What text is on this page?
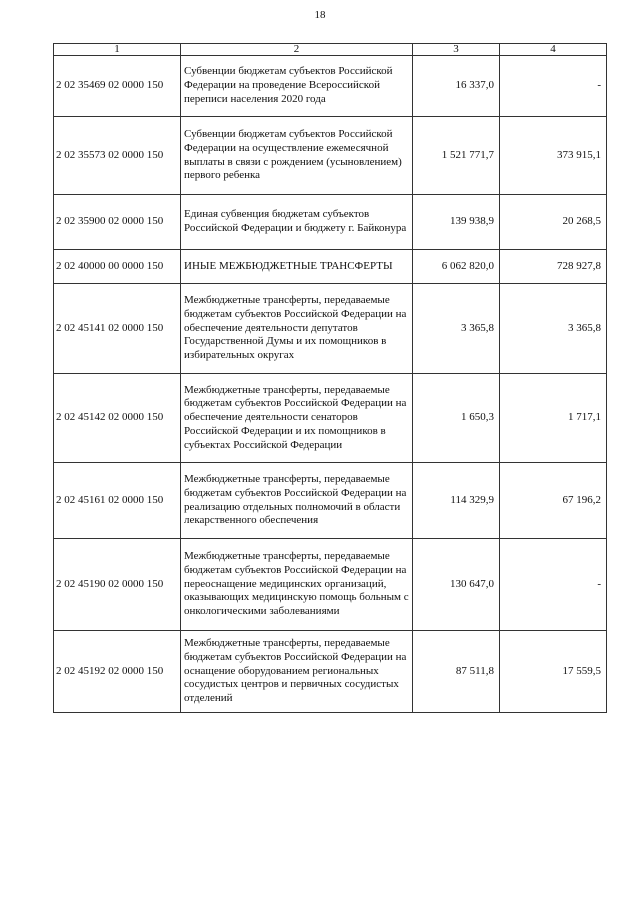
18
1	2	3	4
2 02 35469 02 0000 150	Субвенции бюджетам субъектов Российской Федерации на проведение Всероссийской переписи населения 2020 года	16 337,0	-
2 02 35573 02 0000 150	Субвенции бюджетам субъектов Российской Федерации на осуществление ежемесячной выплаты в связи с рождением (усыновлением) первого ребенка	1 521 771,7	373 915,1
2 02 35900 02 0000 150	Единая субвенция бюджетам субъектов Российской Федерации и бюджету г. Байконура	139 938,9	20 268,5
2 02 40000 00 0000 150	ИНЫЕ МЕЖБЮДЖЕТНЫЕ ТРАНСФЕРТЫ	6 062 820,0	728 927,8
2 02 45141 02 0000 150	Межбюджетные трансферты, передаваемые бюджетам субъектов Российской Федерации на обеспечение деятельности депутатов Государственной Думы и их помощников в избирательных округах	3 365,8	3 365,8
2 02 45142 02 0000 150	Межбюджетные трансферты, передаваемые бюджетам субъектов Российской Федерации на обеспечение деятельности сенаторов Российской Федерации и их помощников в субъектах Российской Федерации	1 650,3	1 717,1
2 02 45161 02 0000 150	Межбюджетные трансферты, передаваемые бюджетам субъектов Российской Федерации на реализацию отдельных полномочий в области лекарственного обеспечения	114 329,9	67 196,2
2 02 45190 02 0000 150	Межбюджетные трансферты, передаваемые бюджетам субъектов Российской Федерации на переоснащение медицинских организаций, оказывающих медицинскую помощь больным с онкологическими заболеваниями	130 647,0	-
2 02 45192 02 0000 150	Межбюджетные трансферты, передаваемые бюджетам субъектов Российской Федерации на оснащение оборудованием региональных сосудистых центров и первичных сосудистых отделений	87 511,8	17 559,5
